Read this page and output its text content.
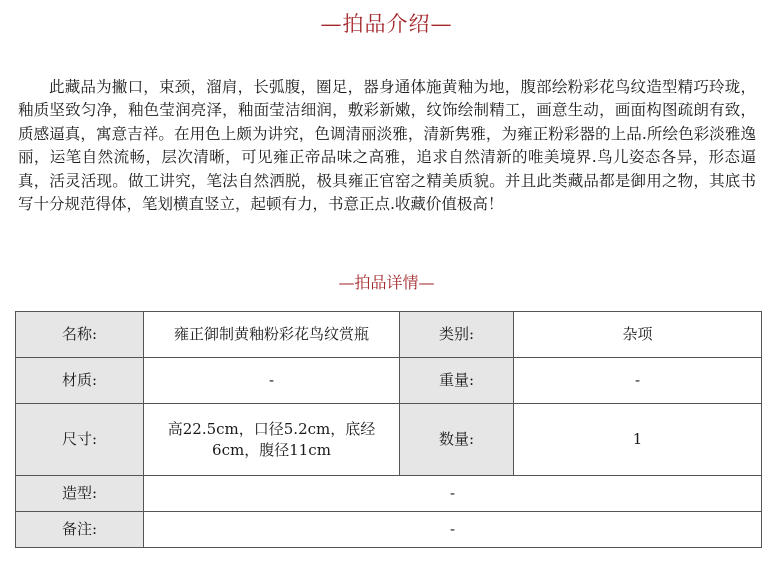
—拍品介绍—

此藏品为撇口，束颈，溜肩，长弧腹，圈足，器身通体施黄釉为地，腹部绘粉彩花鸟纹造型精巧玲珑，釉质坚致匀净，釉色莹润亮泽，釉面莹洁细润，敷彩新嫩，纹饰绘制精工，画意生动，画面构图疏朗有致，质感逼真，寓意吉祥。在用色上颇为讲究，色调清丽淡雅，清新隽雅，为雍正粉彩器的上品.所绘色彩淡雅逸丽，运笔自然流畅，层次清晰，可见雍正帝品味之高雅，追求自然清新的唯美境界.鸟儿姿态各异，形态逼真，活灵活现。做工讲究，笔法自然洒脱，极具雍正官窑之精美质貌。并且此类藏品都是御用之物，其底书写十分规范得体，笔划横直竖立，起顿有力，书意正点.收藏价值极高！

—拍品详情—
名称:	雍正御制黄釉粉彩花鸟纹赏瓶	类别:	杂项
材质:	-	重量:	-
尺寸:	高22.5cm，口径5.2cm，底经6cm，腹径11cm	数量:	1
造型:	-		
备注:	-		
